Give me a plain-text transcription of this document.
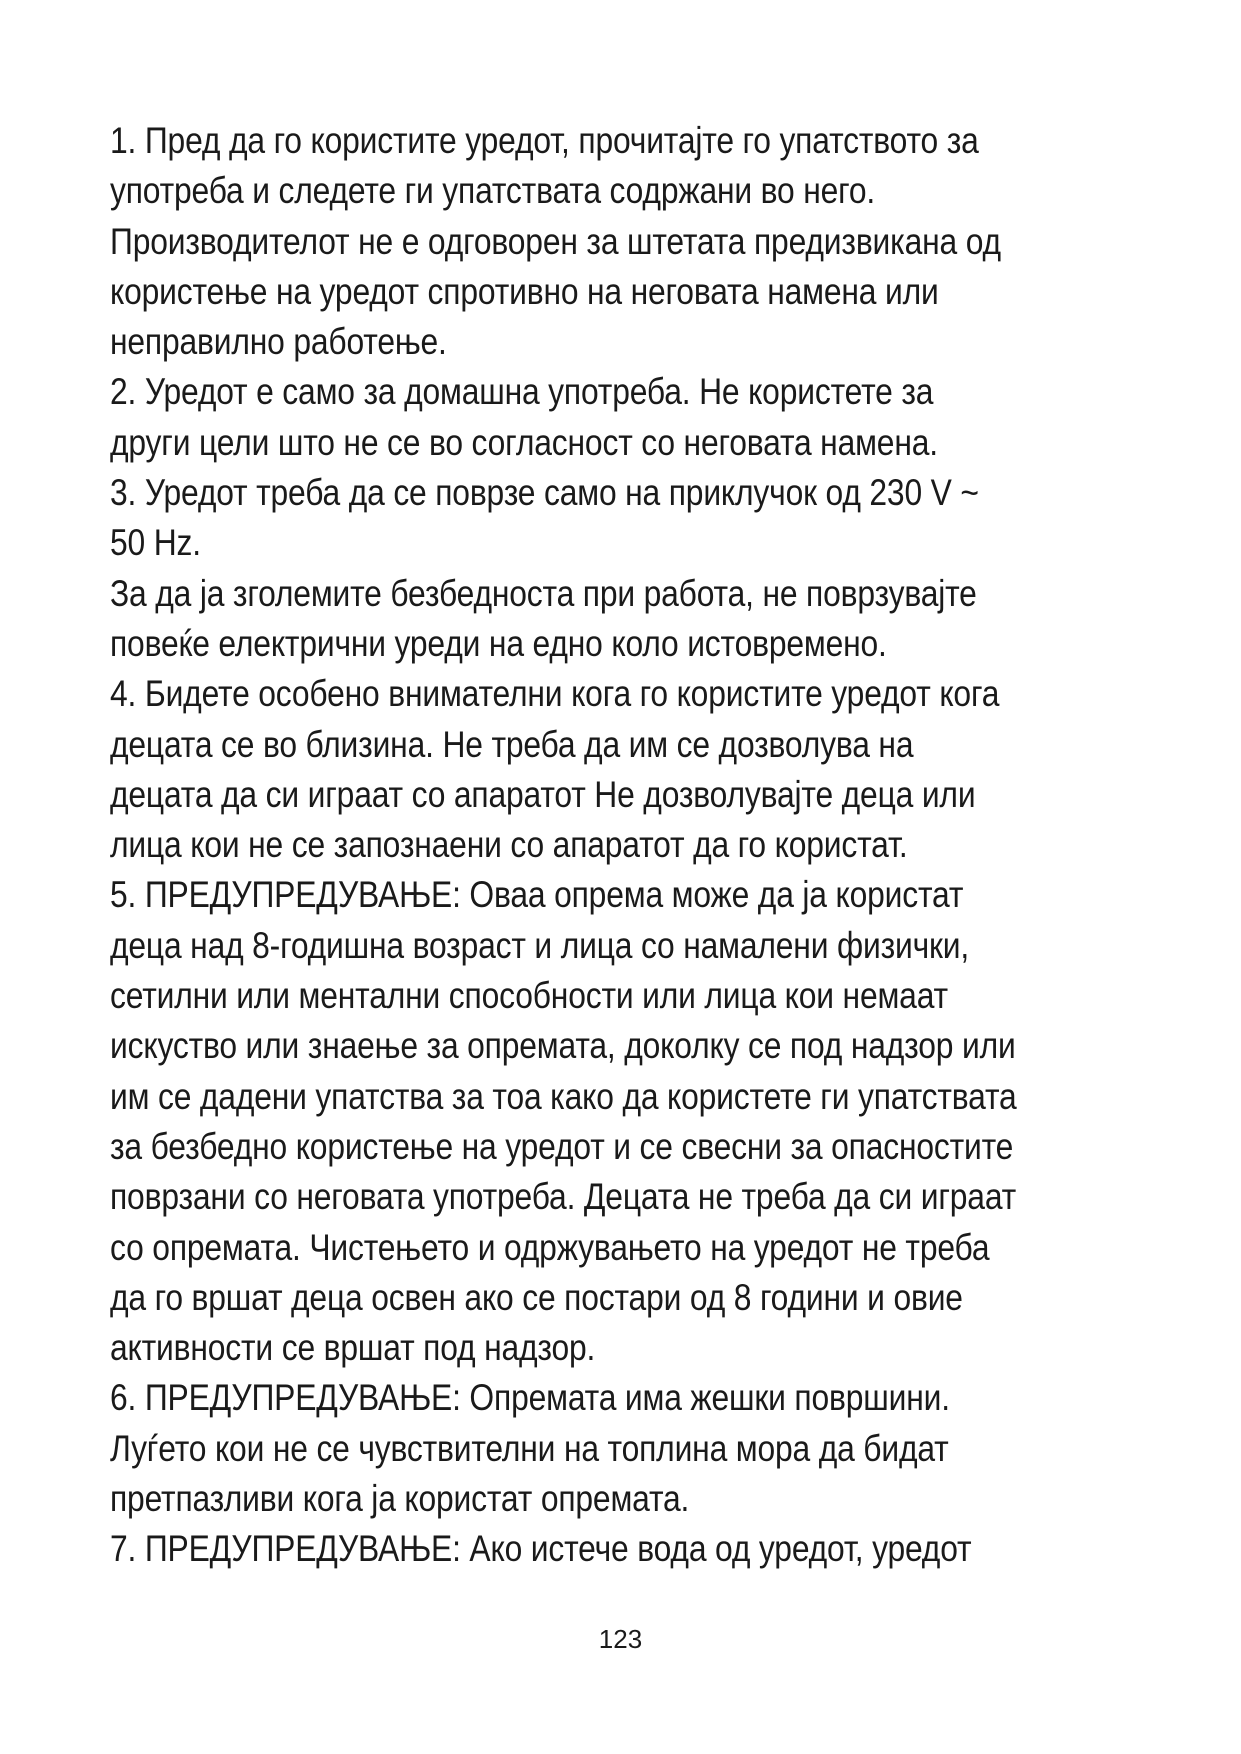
1. Пред да го користите уредот, прочитајте го упатството за
употреба и следете ги упатствата содржани во него.
Производителот не е одговорен за штетата предизвикана од
користење на уредот спротивно на неговата намена или
неправилно работење.
2. Уредот е само за домашна употреба. Не користете за
други цели што не се во согласност со неговата намена.
3. Уредот треба да се поврзе само на приклучок од 230 V ~
50 Hz.
За да ја зголемите безбедноста при работа, не поврзувајте
повеќе електрични уреди на едно коло истовремено.
4. Бидете особено внимателни кога го користите уредот кога
децата се во близина. Не треба да им се дозволува на
децата да си играат со апаратот Не дозволувајте деца или
лица кои не се запознаени со апаратот да го користат.
5. ПРЕДУПРЕДУВАЊЕ: Оваа опрема може да ја користат
деца над 8-годишна возраст и лица со намалени физички,
сетилни или ментални способности или лица кои немаат
искуство или знаење за опремата, доколку се под надзор или
им се дадени упатства за тоа како да користете ги упатствата
за безбедно користење на уредот и се свесни за опасностите
поврзани со неговата употреба. Децата не треба да си играат
со опремата. Чистењето и одржувањето на уредот не треба
да го вршат деца освен ако се постари од 8 години и овие
активности се вршат под надзор.
6. ПРЕДУПРЕДУВАЊЕ: Опремата има жешки површини.
Луѓето кои не се чувствителни на топлина мора да бидат
претпазливи кога ја користат опремата.
7. ПРЕДУПРЕДУВАЊЕ: Ако истече вода од уредот, уредот
123
